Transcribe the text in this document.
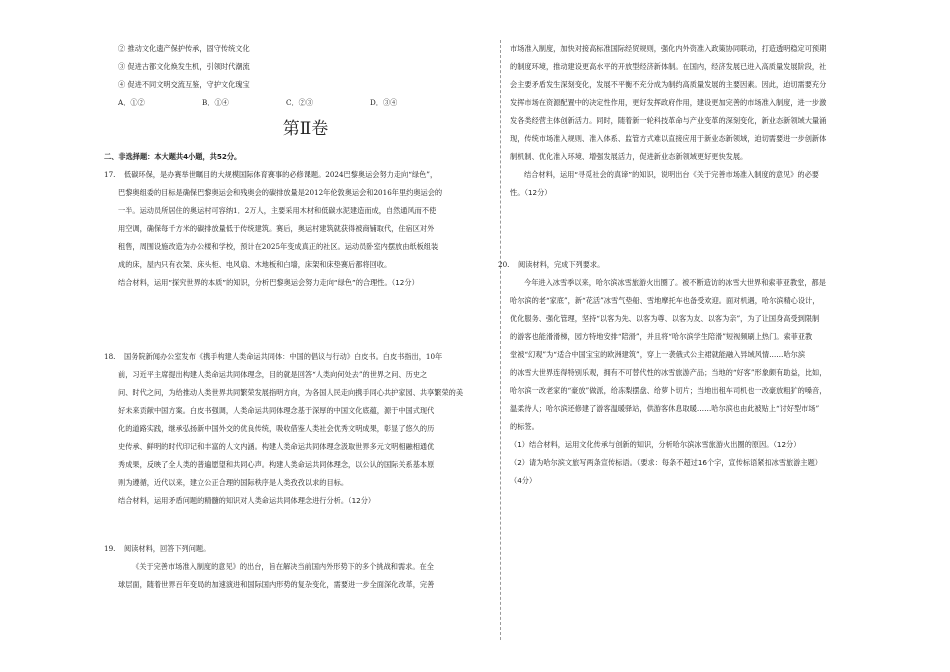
② 推动文化遗产保护传承，固守传统文化
③ 促进古都文化焕发生机，引领时代潮流
④ 促进不同文明交流互鉴，守护文化瑰宝
A．①②	B．①④	C．②③	D．③④
第Ⅱ卷
二、非选择题：本大题共4小题，共52分。
17. 低碳环保，是办赛举世瞩目的大规模国际体育赛事的必修课题。2024巴黎奥运会努力走向“绿色”，
巴黎奥组委的目标是确保巴黎奥运会和残奥会的碳排放量是2012年伦敦奥运会和2016年里约奥运会的
一半。运动员所居住的奥运村可容纳1．2万人，主要采用木材和低碳水泥建造而成，自然通风而不使
用空调，确保每千方米的碳排放量低于传统建筑。赛后，奥运村建筑就获得被商铺取代，住宿区对外
租售，周围设施改造为办公楼和学校，预计在2025年变成真正的社区。运动员卧室内摆放由纸板组装
成的床，屋内只有衣架、床头柜、电风扇、木地板和白墙，床架和床垫赛后都将回收。
结合材料，运用“探究世界的本质”的知识，分析巴黎奥运会努力走向“绿色”的合理性。（12分）
18. 国务院新闻办公室发布《携手构建人类命运共同体：中国的倡议与行动》白皮书。白皮书指出，10年
前，习近平主席提出构建人类命运共同体理念，目的就是回答“人类向何处去”的世界之问、历史之
问、时代之问，为给推动人类世界共同繁荣发展指明方向，为各国人民走向携手同心共护家园、共享繁荣的美
好未来贡献中国方案。白皮书强调，人类命运共同体理念基于深厚的中国文化底蕴，源于中国式现代
化的道路实践，继承弘扬新中国外交的优良传统，吸收借鉴人类社会优秀文明成果，彰显了悠久的历
史传承、鲜明的时代印记和丰富的人文内涵。构建人类命运共同体理念汲取世界多元文明相融相通优
秀成果，反映了全人类的普遍愿望和共同心声。构建人类命运共同体理念，以公认的国际关系基本原
则为遵循，近代以来，建立公正合理的国际秩序是人类孜孜以求的目标。
结合材料，运用矛盾问题的精髓的知识对人类命运共同体理念进行分析。（12分）
19. 阅读材料，回答下列问题。
《关于完善市场准入制度的意见》的出台，旨在解决当前国内外形势下的多个挑战和需求。在全
球层面，随着世界百年变局的加速演进和国际国内形势的复杂变化，需要进一步全面深化改革，完善
市场准入制度，加快对接高标准国际经贸规则，强化内外资准入政策协同联动，打造透明稳定可预期
的制度环境，推动建设更高水平的开放型经济新体制。在国内，经济发展已进入高质量发展阶段，社
会主要矛盾发生深刻变化，发展不平衡不充分成为制约高质量发展的主要因素。因此，迫切需要充分
发挥市场在资源配置中的决定性作用，更好发挥政府作用，建设更加完善的市场准入制度，进一步激
发各类经营主体创新活力。同时，随着新一轮科技革命与产业变革的深刻变化，新业态新领域大量涌
现，传统市场准入规则、准入体系、监管方式难以直接应用于新业态新领域，迫切需要进一步创新体
制机制、优化准入环境、增强发展活力，促进新业态新领域更好更快发展。
结合材料，运用“寻觅社会的真谛”的知识，说明出台《关于完善市场准入制度的意见》的必要
性。（12分）
20. 阅读材料，完成下列要求。
今年进入冰雪季以来，哈尔滨冰雪旅游火出圈了。被不断造访的冰雪大世界和索菲亚教堂，都是
哈尔滨的老“家底”，新“花活”冰雪气垫船、雪地摩托车也备受欢迎。面对机遇，哈尔滨精心设计，
优化服务、强化管理，坚持“以客为先、以客为尊、以客为友、以客为亲”，为了让国身高受到限制
的游客也能滑滑梯，园方特地安排“陪滑”，并且将“哈尔滨学生陪滑”短视频刷上热门。索菲亚教
堂被“幻观”为“适合中国宝宝的欧洲建筑”，穿上一袭俄式公主裙就能融入异域风情……哈尔滨
的冰雪大世界连得特别乐观，拥有不可替代性的冰雪旅游产品；当地的“好客”形象颇有助益，比如，
哈尔滨一改老家的“豪放”做派，给冻梨摆盘、给萝卜切片；当地出租车司机也一改豪放粗犷的嗓音，
温柔待人；哈尔滨还修建了游客温暖驿站，供游客休息取暖……哈尔滨也由此被贴上“讨好型市场”
的标签。
（1）结合材料，运用文化传承与创新的知识，分析哈尔滨冰雪旅游火出圈的原因。（12分）
（2）请为哈尔滨文旅写两条宣传标语。（要求：每条不超过16个字，宣传标语紧扣冰雪旅游主题）
（4分）
